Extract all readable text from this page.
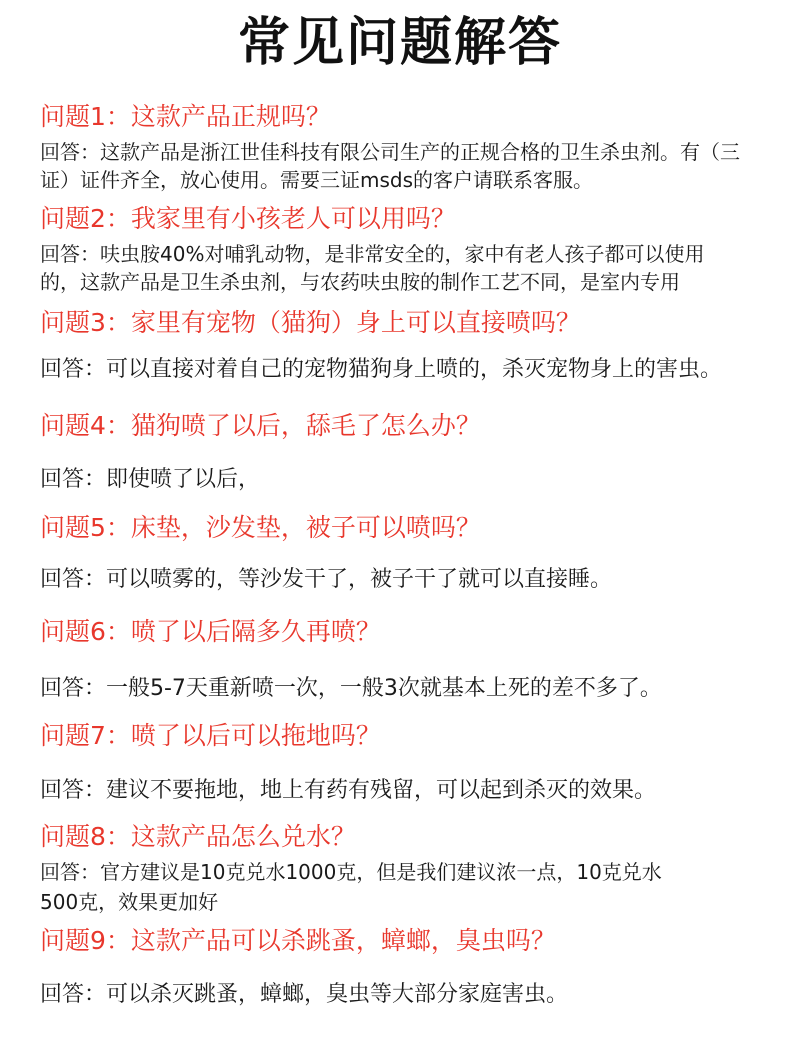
常见问题解答
问题1：这款产品正规吗？
回答：这款产品是浙江世佳科技有限公司生产的正规合格的卫生杀虫剂。有（三
证）证件齐全，放心使用。需要三证msds的客户请联系客服。
问题2：我家里有小孩老人可以用吗？
回答：呋虫胺40%对哺乳动物，是非常安全的，家中有老人孩子都可以使用
的，这款产品是卫生杀虫剂，与农药呋虫胺的制作工艺不同，是室内专用
问题3：家里有宠物（猫狗）身上可以直接喷吗？
回答：可以直接对着自己的宠物猫狗身上喷的，杀灭宠物身上的害虫。
问题4：猫狗喷了以后，舔毛了怎么办？
回答：即使喷了以后，
问题5：床垫，沙发垫，被子可以喷吗？
回答：可以喷雾的，等沙发干了，被子干了就可以直接睡。
问题6：喷了以后隔多久再喷？
回答：一般5-7天重新喷一次，一般3次就基本上死的差不多了。
问题7：喷了以后可以拖地吗？
回答：建议不要拖地，地上有药有残留，可以起到杀灭的效果。
问题8：这款产品怎么兑水？
回答：官方建议是10克兑水1000克，但是我们建议浓一点，10克兑水
500克，效果更加好
问题9：这款产品可以杀跳蚤，蟑螂，臭虫吗？
回答：可以杀灭跳蚤，蟑螂，臭虫等大部分家庭害虫。
